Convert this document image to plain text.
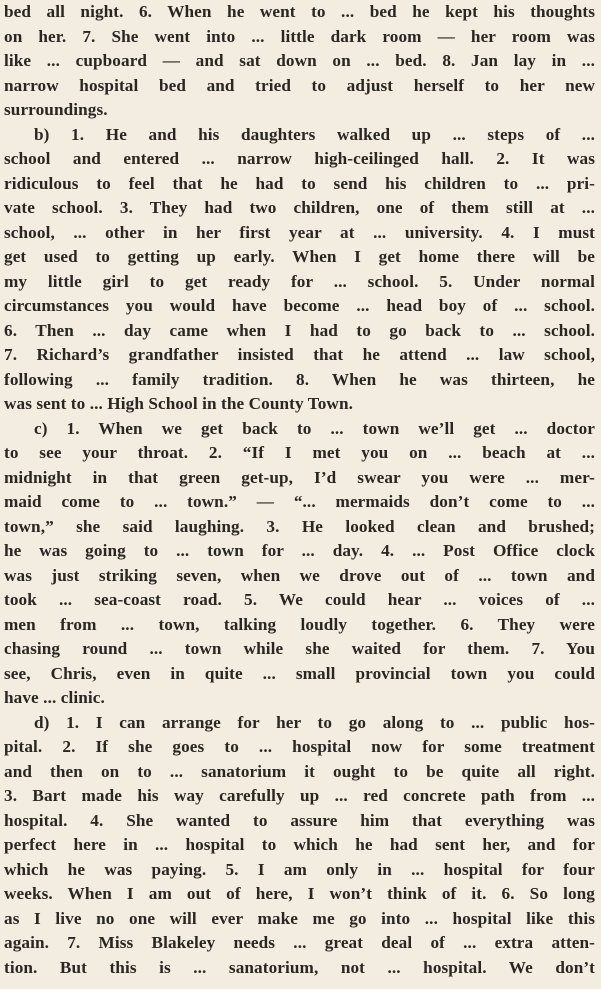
bed all night. 6. When he went to ... bed he kept his thoughts
on her. 7. She went into ... little dark room — her room was
like ... cupboard — and sat down on ... bed. 8. Jan lay in ...
narrow hospital bed and tried to adjust herself to her new
surroundings.
b) 1. He and his daughters walked up ... steps of ...
school and entered ... narrow high-ceilinged hall. 2. It was
ridiculous to feel that he had to send his children to ... pri-
vate school. 3. They had two children, one of them still at ...
school, ... other in her first year at ... university. 4. I must
get used to getting up early. When I get home there will be
my little girl to get ready for ... school. 5. Under normal
circumstances you would have become ... head boy of ... school.
6. Then ... day came when I had to go back to ... school.
7. Richard’s grandfather insisted that he attend ... law school,
following ... family tradition. 8. When he was thirteen, he
was sent to ... High School in the County Town.
c) 1. When we get back to ... town we’ll get ... doctor
to see your throat. 2. “If I met you on ... beach at ...
midnight in that green get-up, I’d swear you were ... mer-
maid come to ... town.” — “... mermaids don’t come to ...
town,” she said laughing. 3. He looked clean and brushed;
he was going to ... town for ... day. 4. ... Post Office clock
was just striking seven, when we drove out of ... town and
took ... sea-coast road. 5. We could hear ... voices of ...
men from ... town, talking loudly together. 6. They were
chasing round ... town while she waited for them. 7. You
see, Chris, even in quite ... small provincial town you could
have ... clinic.
d) 1. I can arrange for her to go along to ... public hos-
pital. 2. If she goes to ... hospital now for some treatment
and then on to ... sanatorium it ought to be quite all right.
3. Bart made his way carefully up ... red concrete path from ...
hospital. 4. She wanted to assure him that everything was
perfect here in ... hospital to which he had sent her, and for
which he was paying. 5. I am only in ... hospital for four
weeks. When I am out of here, I won’t think of it. 6. So long
as I live no one will ever make me go into ... hospital like this
again. 7. Miss Blakeley needs ... great deal of ... extra atten-
tion. But this is ... sanatorium, not ... hospital. We don’t
